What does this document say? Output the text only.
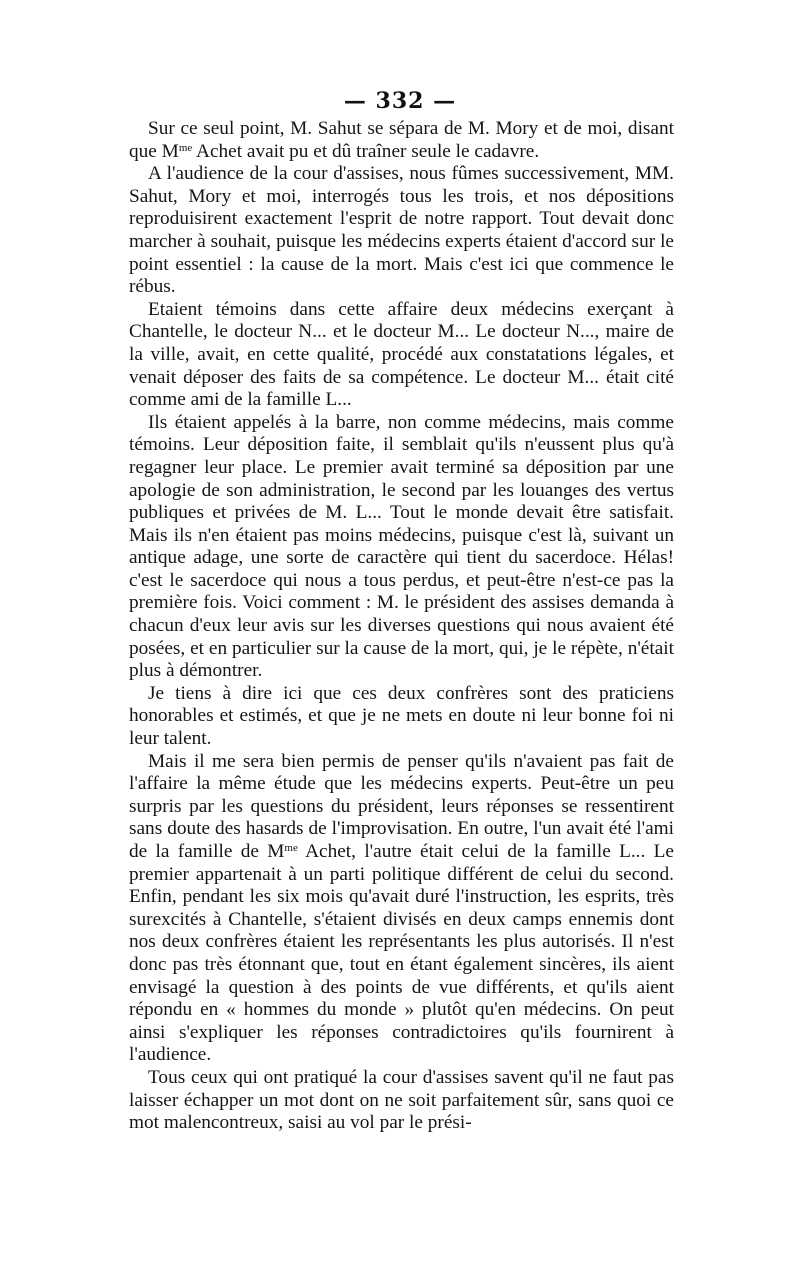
— 332 —

Sur ce seul point, M. Sahut se sépara de M. Mory et de moi, disant que $M^{me}$ Achet avait pu et dû traîner seule le cadavre.

A l'audience de la cour d'assises, nous fûmes successivement, MM. Sahut, Mory et moi, interrogés tous les trois, et nos dépositions reproduisirent exactement l'esprit de notre rapport. Tout devait donc marcher à souhait, puisque les médecins experts étaient d'accord sur le point essentiel : la cause de la mort. Mais c'est ici que commence le rébus.

Etaient témoins dans cette affaire deux médecins exerçant à Chantelle, le docteur N... et le docteur M... Le docteur N..., maire de la ville, avait, en cette qualité, procédé aux constatations légales, et venait déposer des faits de sa compétence. Le docteur M... était cité comme ami de la famille L...

Ils étaient appelés à la barre, non comme médecins, mais comme témoins. Leur déposition faite, il semblait qu'ils n'eussent plus qu'à regagner leur place. Le premier avait terminé sa déposition par une apologie de son administration, le second par les louanges des vertus publiques et privées de M. L... Tout le monde devait être satisfait. Mais ils n'en étaient pas moins médecins, puisque c'est là, suivant un antique adage, une sorte de caractère qui tient du sacerdoce. Hélas! c'est le sacerdoce qui nous a tous perdus, et peut-être n'est-ce pas la première fois. Voici comment : M. le président des assises demanda à chacun d'eux leur avis sur les diverses questions qui nous avaient été posées, et en particulier sur la cause de la mort, qui, je le répète, n'était plus à démontrer.

Je tiens à dire ici que ces deux confrères sont des praticiens honorables et estimés, et que je ne mets en doute ni leur bonne foi ni leur talent.

Mais il me sera bien permis de penser qu'ils n'avaient pas fait de l'affaire la même étude que les médecins experts. Peut-être un peu surpris par les questions du président, leurs réponses se ressentirent sans doute des hasards de l'improvisation. En outre, l'un avait été l'ami de la famille de $M^{me}$ Achet, l'autre était celui de la famille L... Le premier appartenait à un parti politique différent de celui du second. Enfin, pendant les six mois qu'avait duré l'instruction, les esprits, très surexcités à Chantelle, s'étaient divisés en deux camps ennemis dont nos deux confrères étaient les représentants les plus autorisés. Il n'est donc pas très étonnant que, tout en étant également sincères, ils aient envisagé la question à des points de vue différents, et qu'ils aient répondu en « hommes du monde » plutôt qu'en médecins. On peut ainsi s'expliquer les réponses contradictoires qu'ils fournirent à l'audience.

Tous ceux qui ont pratiqué la cour d'assises savent qu'il ne faut pas laisser échapper un mot dont on ne soit parfaitement sûr, sans quoi ce mot malencontreux, saisi au vol par le prési-
